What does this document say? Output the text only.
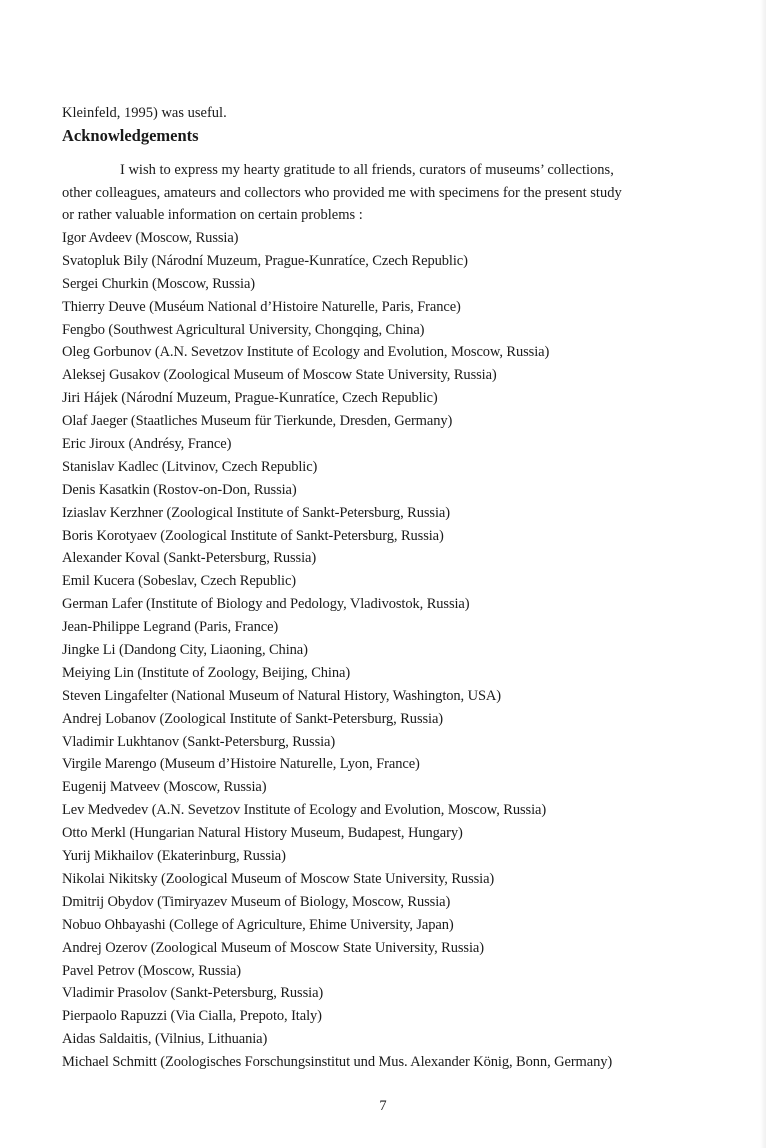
Kleinfeld, 1995) was useful.
Acknowledgements

I wish to express my hearty gratitude to all friends, curators of museums’ collections,
other colleagues, amateurs and collectors who provided me with specimens for the present study
or rather valuable information on certain problems :

Igor Avdeev (Moscow, Russia)
Svatopluk Bily (Národní Muzeum, Prague-Kunratíce, Czech Republic)
Sergei Churkin (Moscow, Russia)
Thierry Deuve (Muséum National d’Histoire Naturelle, Paris, France)
Fengbo (Southwest Agricultural University, Chongqing, China)
Oleg Gorbunov (A.N. Sevetzov Institute of Ecology and Evolution, Moscow, Russia)
Aleksej Gusakov (Zoological Museum of Moscow State University, Russia)
Jiri Hájek (Národní Muzeum, Prague-Kunratíce, Czech Republic)
Olaf Jaeger (Staatliches Museum für Tierkunde, Dresden, Germany)
Eric Jiroux (Andrésy, France)
Stanislav Kadlec (Litvinov, Czech Republic)
Denis Kasatkin (Rostov-on-Don, Russia)
Iziaslav Kerzhner (Zoological Institute of Sankt-Petersburg, Russia)
Boris Korotyaev (Zoological Institute of Sankt-Petersburg, Russia)
Alexander Koval (Sankt-Petersburg, Russia)
Emil Kucera (Sobeslav, Czech Republic)
German Lafer (Institute of Biology and Pedology, Vladivostok, Russia)
Jean-Philippe Legrand (Paris, France)
Jingke Li (Dandong City, Liaoning, China)
Meiying Lin (Institute of Zoology, Beijing, China)
Steven Lingafelter (National Museum of Natural History, Washington, USA)
Andrej Lobanov (Zoological Institute of Sankt-Petersburg, Russia)
Vladimir Lukhtanov (Sankt-Petersburg, Russia)
Virgile Marengo (Museum d’Histoire Naturelle, Lyon, France)
Eugenij Matveev (Moscow, Russia)
Lev Medvedev (A.N. Sevetzov Institute of Ecology and Evolution, Moscow, Russia)
Otto Merkl (Hungarian Natural History Museum, Budapest, Hungary)
Yurij Mikhailov (Ekaterinburg, Russia)
Nikolai Nikitsky (Zoological Museum of Moscow State University, Russia)
Dmitrij Obydov (Timiryazev Museum of Biology, Moscow, Russia)
Nobuo Ohbayashi (College of Agriculture, Ehime University, Japan)
Andrej Ozerov (Zoological Museum of Moscow State University, Russia)
Pavel Petrov (Moscow, Russia)
Vladimir Prasolov (Sankt-Petersburg, Russia)
Pierpaolo Rapuzzi (Via Cialla, Prepoto, Italy)
Aidas Saldaitis, (Vilnius, Lithuania)
Michael Schmitt (Zoologisches Forschungsinstitut und Mus. Alexander König, Bonn, Germany)
7
